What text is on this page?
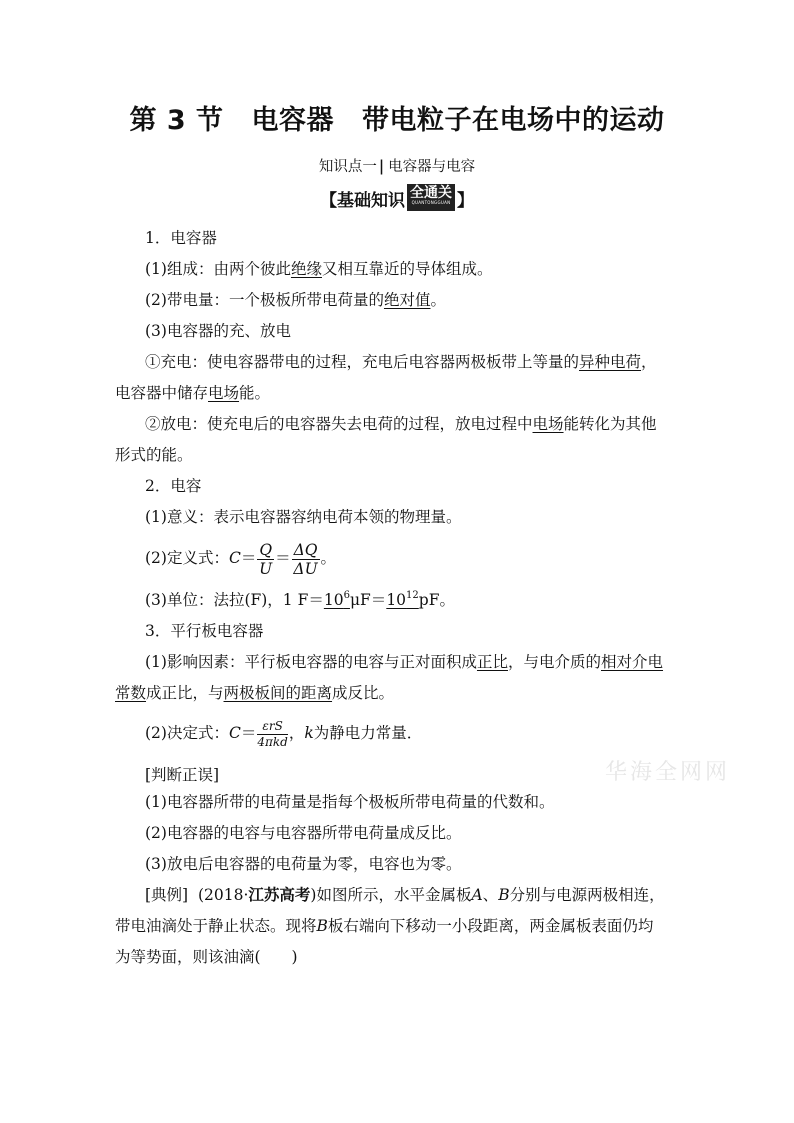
第 3 节 电容器 带电粒子在电场中的运动
知识点一 | 电容器与电容
【基础知识 全通关
QUANTONGGUAN 】
1．电容器
(1)组成：由两个彼此绝缘又相互靠近的导体组成。
(2)带电量：一个极板所带电荷量的绝对值。
(3)电容器的充、放电
①充电：使电容器带电的过程，充电后电容器两极板带上等量的异种电荷，
电容器中储存电场能。
②放电：使充电后的电容器失去电荷的过程，放电过程中电场能转化为其他
形式的能。
2．电容
(1)意义：表示电容器容纳电荷本领的物理量。
(2)定义式：$C= \frac{Q}{U} = \frac{\Delta Q}{\Delta U}$ 。
(3)单位：法拉(F)，1 $F=10^6\mu F=10^{12}pF$。
3．平行板电容器
(1)影响因素：平行板电容器的电容与正对面积成正比，与电介质的相对介电
常数成正比，与两极板间的距离成反比。
(2)决定式：$C= \frac{\text{εrS}}{\text{4πkd}}$ ，k为静电力常量．
[判断正误]
(1)电容器所带的电荷量是指每个极板所带电荷量的代数和。
(2)电容器的电容与电容器所带电荷量成反比。
(3)放电后电容器的电荷量为零，电容也为零。
[典例] (2018·江苏高考)如图所示，水平金属板A、B分别与电源两极相连，
带电油滴处于静止状态。现将B板右端向下移动一小段距离，两金属板表面仍均
为等势面，则该油滴(　　)
华海全网网
